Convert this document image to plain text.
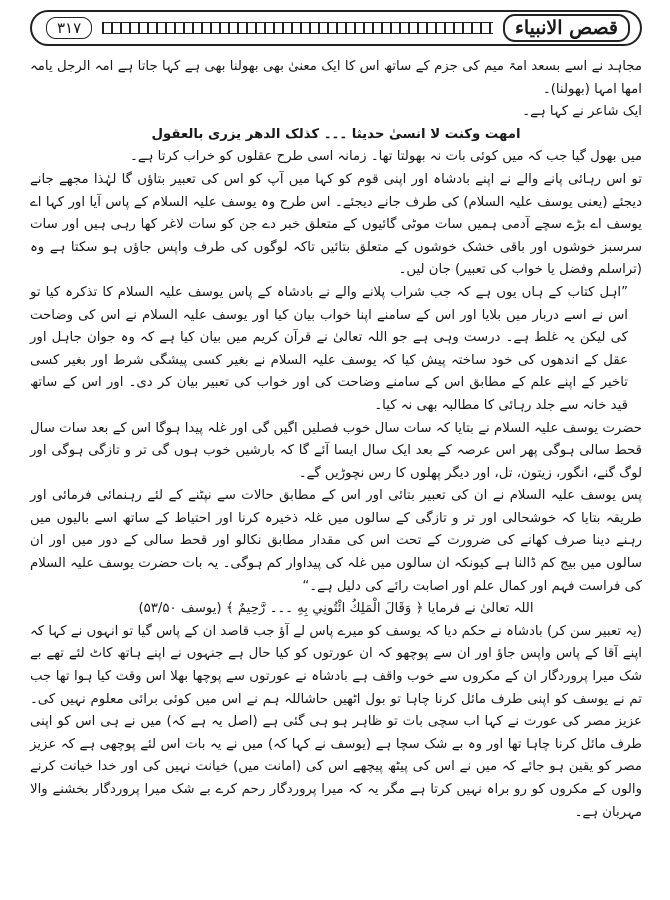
۳۱۷	قصص الانبیاء

مجاہد نے اسے بسعد امۃ میم کی جزم کے ساتھ اس کا ایک معنیٰ بھی بھولنا بھی ہے کہا جاتا ہے امہ الرجل یامہ امھا امہا (بھولنا)۔

ایک شاعر نے کہا ہے۔

امھت وکنت لا انسیٰ حدیثا ۔۔۔ کذلک الدھر یزری بالعقول

میں بھول گیا جب کہ میں کوئی بات نہ بھولتا تھا۔ زمانہ اسی طرح عقلوں کو خراب کرتا ہے۔

تو اس رہائی پانے والے نے اپنے بادشاہ اور اپنی قوم کو کہا میں آپ کو اس کی تعبیر بتاؤں گا لہٰذا مجھے جانے دیجئے (یعنی یوسف علیہ السلام) کی طرف جانے دیجئے۔ اس طرح وہ یوسف علیہ السلام کے پاس آیا اور کہا اے یوسف اے بڑے سچے آدمی ہمیں سات موٹی گائیوں کے متعلق خبر دے جن کو سات لاغر کھا رہی ہیں اور سات سرسبز خوشوں اور باقی خشک خوشوں کے متعلق بتائیں تاکہ لوگوں کی طرف واپس جاؤں ہو سکتا ہے وہ (تراسلم وفضل یا خواب کی تعبیر) جان لیں۔

”اہل کتاب کے ہاں یوں ہے کہ جب شراب پلانے والے نے بادشاہ کے پاس یوسف علیہ السلام کا تذکرہ کیا تو اس نے اسے دربار میں بلایا اور اس کے سامنے اپنا خواب بیان کیا اور یوسف علیہ السلام نے اس کی وضاحت کی لیکن یہ غلط ہے۔ درست وہی ہے جو اللہ تعالیٰ نے قرآن کریم میں بیان کیا ہے کہ وہ جوان جاہل اور عقل کے اندھوں کی خود ساختہ پیش کیا کہ یوسف علیہ السلام نے بغیر کسی پیشگی شرط اور بغیر کسی تاخیر کے اپنے علم کے مطابق اس کے سامنے وضاحت کی اور خواب کی تعبیر بیان کر دی۔ اور اس کے ساتھ قید خانہ سے جلد رہائی کا مطالبہ بھی نہ کیا۔

حضرت یوسف علیہ السلام نے بتایا کہ سات سال خوب فصلیں اگیں گی اور غلہ پیدا ہوگا اس کے بعد سات سال قحط سالی ہوگی پھر اس عرصہ کے بعد ایک سال ایسا آئے گا کہ بارشیں خوب ہوں گی تر و تازگی ہوگی اور لوگ گنے، انگور، زیتون، تل، اور دیگر پھلوں کا رس نچوڑیں گے۔

پس یوسف علیہ السلام نے ان کی تعبیر بتائی اور اس کے مطابق حالات سے نپٹنے کے لئے رہنمائی فرمائی اور طریقہ بتایا کہ خوشحالی اور تر و تازگی کے سالوں میں غلہ ذخیرہ کرنا اور احتیاط کے ساتھ اسے بالیوں میں رہنے دینا صرف کھانے کی ضرورت کے تحت اس کی مقدار مطابق نکالو اور قحط سالی کے دور میں اور ان سالوں میں بیج کم ڈالنا ہے کیونکہ ان سالوں میں غلہ کی پیداوار کم ہوگی۔ یہ بات حضرت یوسف علیہ السلام کی فراست فہم اور کمال علم اور اصابت رائے کی دلیل ہے۔“

اللہ تعالیٰ نے فرمایا ﴿ وَقَالَ الْمَلِكُ ائْتُونِي بِهِ ۔۔۔ رَّحِيمٌ ﴾ (یوسف ۵۳/۵۰)

(یہ تعبیر سن کر) بادشاہ نے حکم دیا کہ یوسف کو میرے پاس لے آؤ جب قاصد ان کے پاس گیا تو انہوں نے کہا کہ اپنے آقا کے پاس واپس جاؤ اور ان سے پوچھو کہ ان عورتوں کو کیا حال ہے جنہوں نے اپنے ہاتھ کاٹ لئے تھے بے شک میرا پروردگار ان کے مکروں سے خوب واقف ہے بادشاہ نے عورتوں سے پوچھا بھلا اس وقت کیا ہوا تھا جب تم نے یوسف کو اپنی طرف مائل کرنا چاہا تو بول اٹھیں حاشاللہ ہم نے اس میں کوئی برائی معلوم نہیں کی۔ عزیز مصر کی عورت نے کہا اب سچی بات تو ظاہر ہو ہی گئی ہے (اصل یہ ہے کہ) میں نے ہی اس کو اپنی طرف مائل کرنا چاہا تھا اور وہ بے شک سچا ہے (یوسف نے کہا کہ) میں نے یہ بات اس لئے پوچھی ہے کہ عزیز مصر کو یقین ہو جائے کہ میں نے اس کی پیٹھ پیچھے اس کی (امانت میں) خیانت نہیں کی اور خدا خیانت کرنے والوں کے مکروں کو رو براہ نہیں کرتا ہے مگر یہ کہ میرا پروردگار رحم کرے بے شک میرا پروردگار بخشنے والا مہربان ہے۔
